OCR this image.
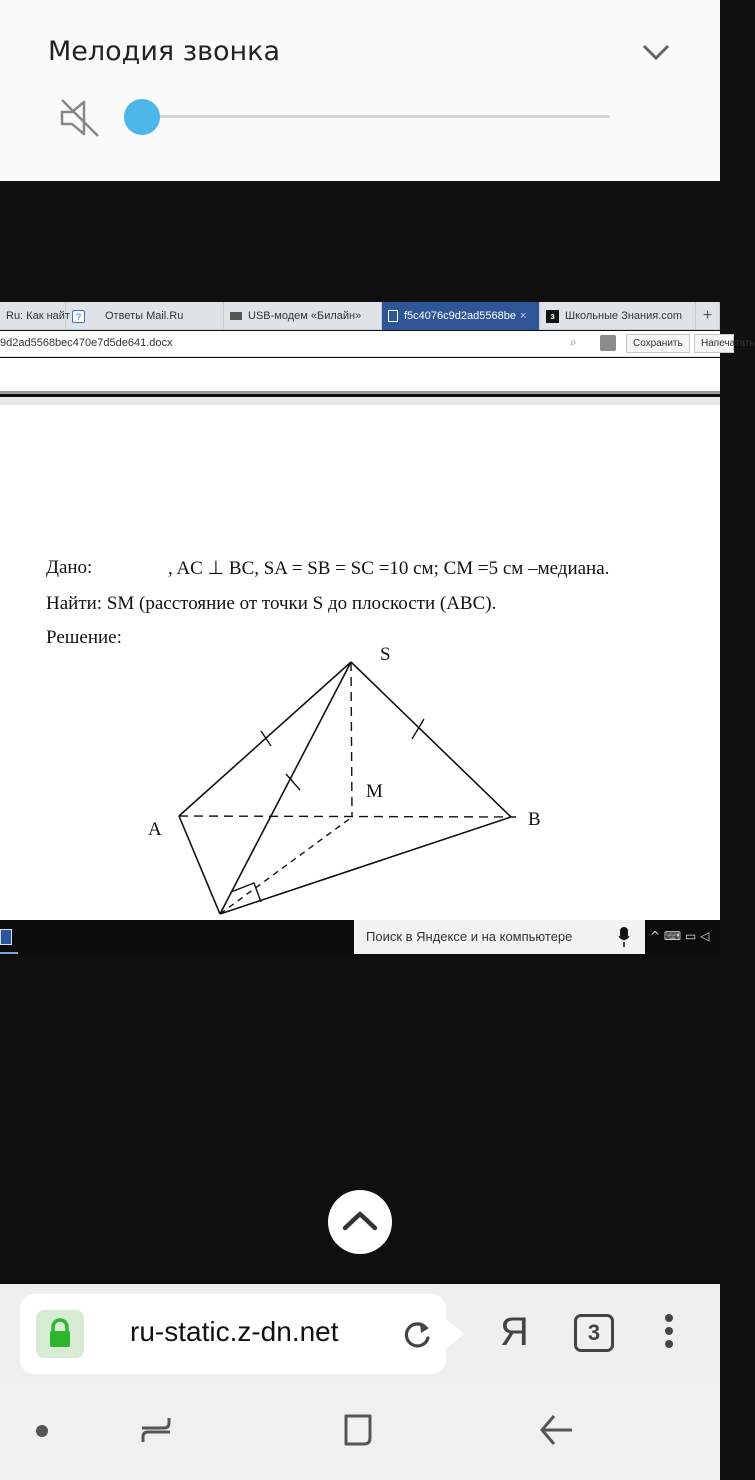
Мелодия звонка
Ru: Как найт ?	Ответы Mail.Ru	USB-модем «Билайн»	f5c4076c9d2ad5568be ×	з Школьные Знания.com	+
9d2ad5568bec470e7d5de641.docx	⌕	Сохранить	Напечатать
Дано:	, AC ⊥ BC, SA = SB = SC =10 см; CM =5 см –медиана.
Найти: SM (расстояние от точки S до плоскости (ABC).
Решение:
S
M
A	B
Поиск в Яндексе и на компьютере	^ ⌨ ▭ ◁
ru-static.z-dn.net	Я	3
